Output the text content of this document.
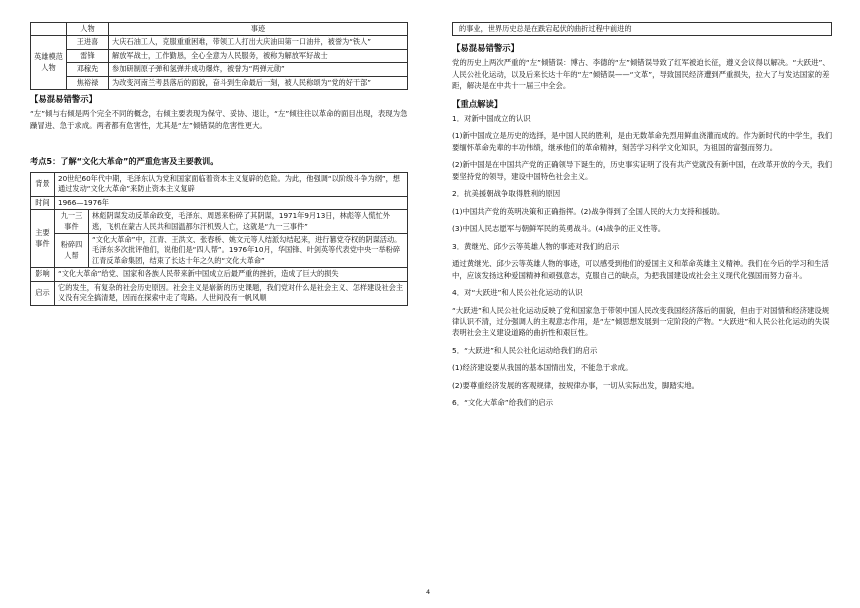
	人物	事迹
英雄模范人物	王进喜	大庆石油工人，克服重重困难，带领工人打出大庆油田第一口油井，被誉为“铁人”
	雷锋	解放军战士，工作勤恳，全心全意为人民服务，被称为解放军好战士
	邓稼先	参加研制原子弹和氢弹并成功爆炸，被誉为“两弹元勋”
	焦裕禄	为改变河南兰考县落后的面貌，奋斗到生命最后一刻，被人民称颂为“党的好干部”
【易混易错警示】
“左”倾与右倾是两个完全不同的概念，右倾主要表现为保守、妥协、退让，“左”倾往往以革命的面目出现，表现为急躁冒进、急于求成。两者都有危害性，尤其是“左”倾错误的危害性更大。
考点5：了解“文化大革命”的严重危害及主要教训。
背景	20世纪60年代中期，毛泽东认为党和国家面临着资本主义复辟的危险。为此，他强调“以阶级斗争为纲”，想通过发动“文化大革命”来防止资本主义复辟	
时间	1966—1976年	
主要事件	九一三事件	林彪阴谋发动反革命政变，毛泽东、周恩来粉碎了其阴谋，1971年9月13日，林彪等人慌忙外逃，飞机在蒙古人民共和国温都尔汗机毁人亡，这就是“九一三事件”
	粉碎四人帮	“文化大革命”中，江青、王洪文、张春桥、姚文元等人结派勾结起来，进行篡党夺权的阴谋活动。毛泽东多次批评他们，说他们是“四人帮”。1976年10月，华国锋、叶剑英等代表党中央一举粉碎江青反革命集团，结束了长达十年之久的“文化大革命”
影响	“文化大革命”给党、国家和各族人民带来新中国成立后最严重的挫折，造成了巨大的损失	
启示	它的发生，有复杂的社会历史原因。社会主义是崭新的历史课题，我们党对什么是社会主义、怎样建设社会主义没有完全搞清楚，因而在探索中走了弯路。人世间没有一帆风顺	
的事业，世界历史总是在跌宕起伏的曲折过程中前进的
【易混易错警示】
党的历史上两次严重的“左”倾错误：博古、李德的“左”倾错误导致了红军被迫长征，遵义会议得以解决。“大跃进”、人民公社化运动，以及后来长达十年的“左”倾错误——“文革”，导致国民经济遭到严重损失，拉大了与发达国家的差距，解决是在中共十一届三中全会。
【重点解读】
1．对新中国成立的认识
(1)新中国成立是历史的选择，是中国人民的胜利，是由无数革命先烈用鲜血浇灌而成的。作为新时代的中学生，我们要缅怀革命先辈的丰功伟绩，继承他们的革命精神，刻苦学习科学文化知识，为祖国的富强而努力。
(2)新中国是在中国共产党的正确领导下诞生的，历史事实证明了没有共产党就没有新中国，在改革开放的今天，我们要坚持党的领导，建设中国特色社会主义。
2．抗美援朝战争取得胜利的原因
(1)中国共产党的英明决策和正确指挥。(2)战争得到了全国人民的大力支持和援助。
(3)中国人民志愿军与朝鲜军民的英勇战斗。(4)战争的正义性等。
3．黄继光、邱少云等英雄人物的事迹对我们的启示
通过黄继光、邱少云等英雄人物的事迹，可以感受到他们的爱国主义和革命英雄主义精神。我们在今后的学习和生活中，应该发扬这种爱国精神和顽强意志，克服自己的缺点，为把我国建设成社会主义现代化强国而努力奋斗。
4．对“大跃进”和人民公社化运动的认识
“大跃进”和人民公社化运动反映了党和国家急于带领中国人民改变我国经济落后的面貌，但由于对国情和经济建设规律认识不清，过分强调人的主观意志作用，是“左”倾思想发展到一定阶段的产物。“大跃进”和人民公社化运动的失误表明社会主义建设道路的曲折性和艰巨性。
5．“大跃进”和人民公社化运动给我们的启示
(1)经济建设要从我国的基本国情出发，不能急于求成。
(2)要尊重经济发展的客观规律，按规律办事，一切从实际出发，脚踏实地。
6．“文化大革命”给我们的启示
4
